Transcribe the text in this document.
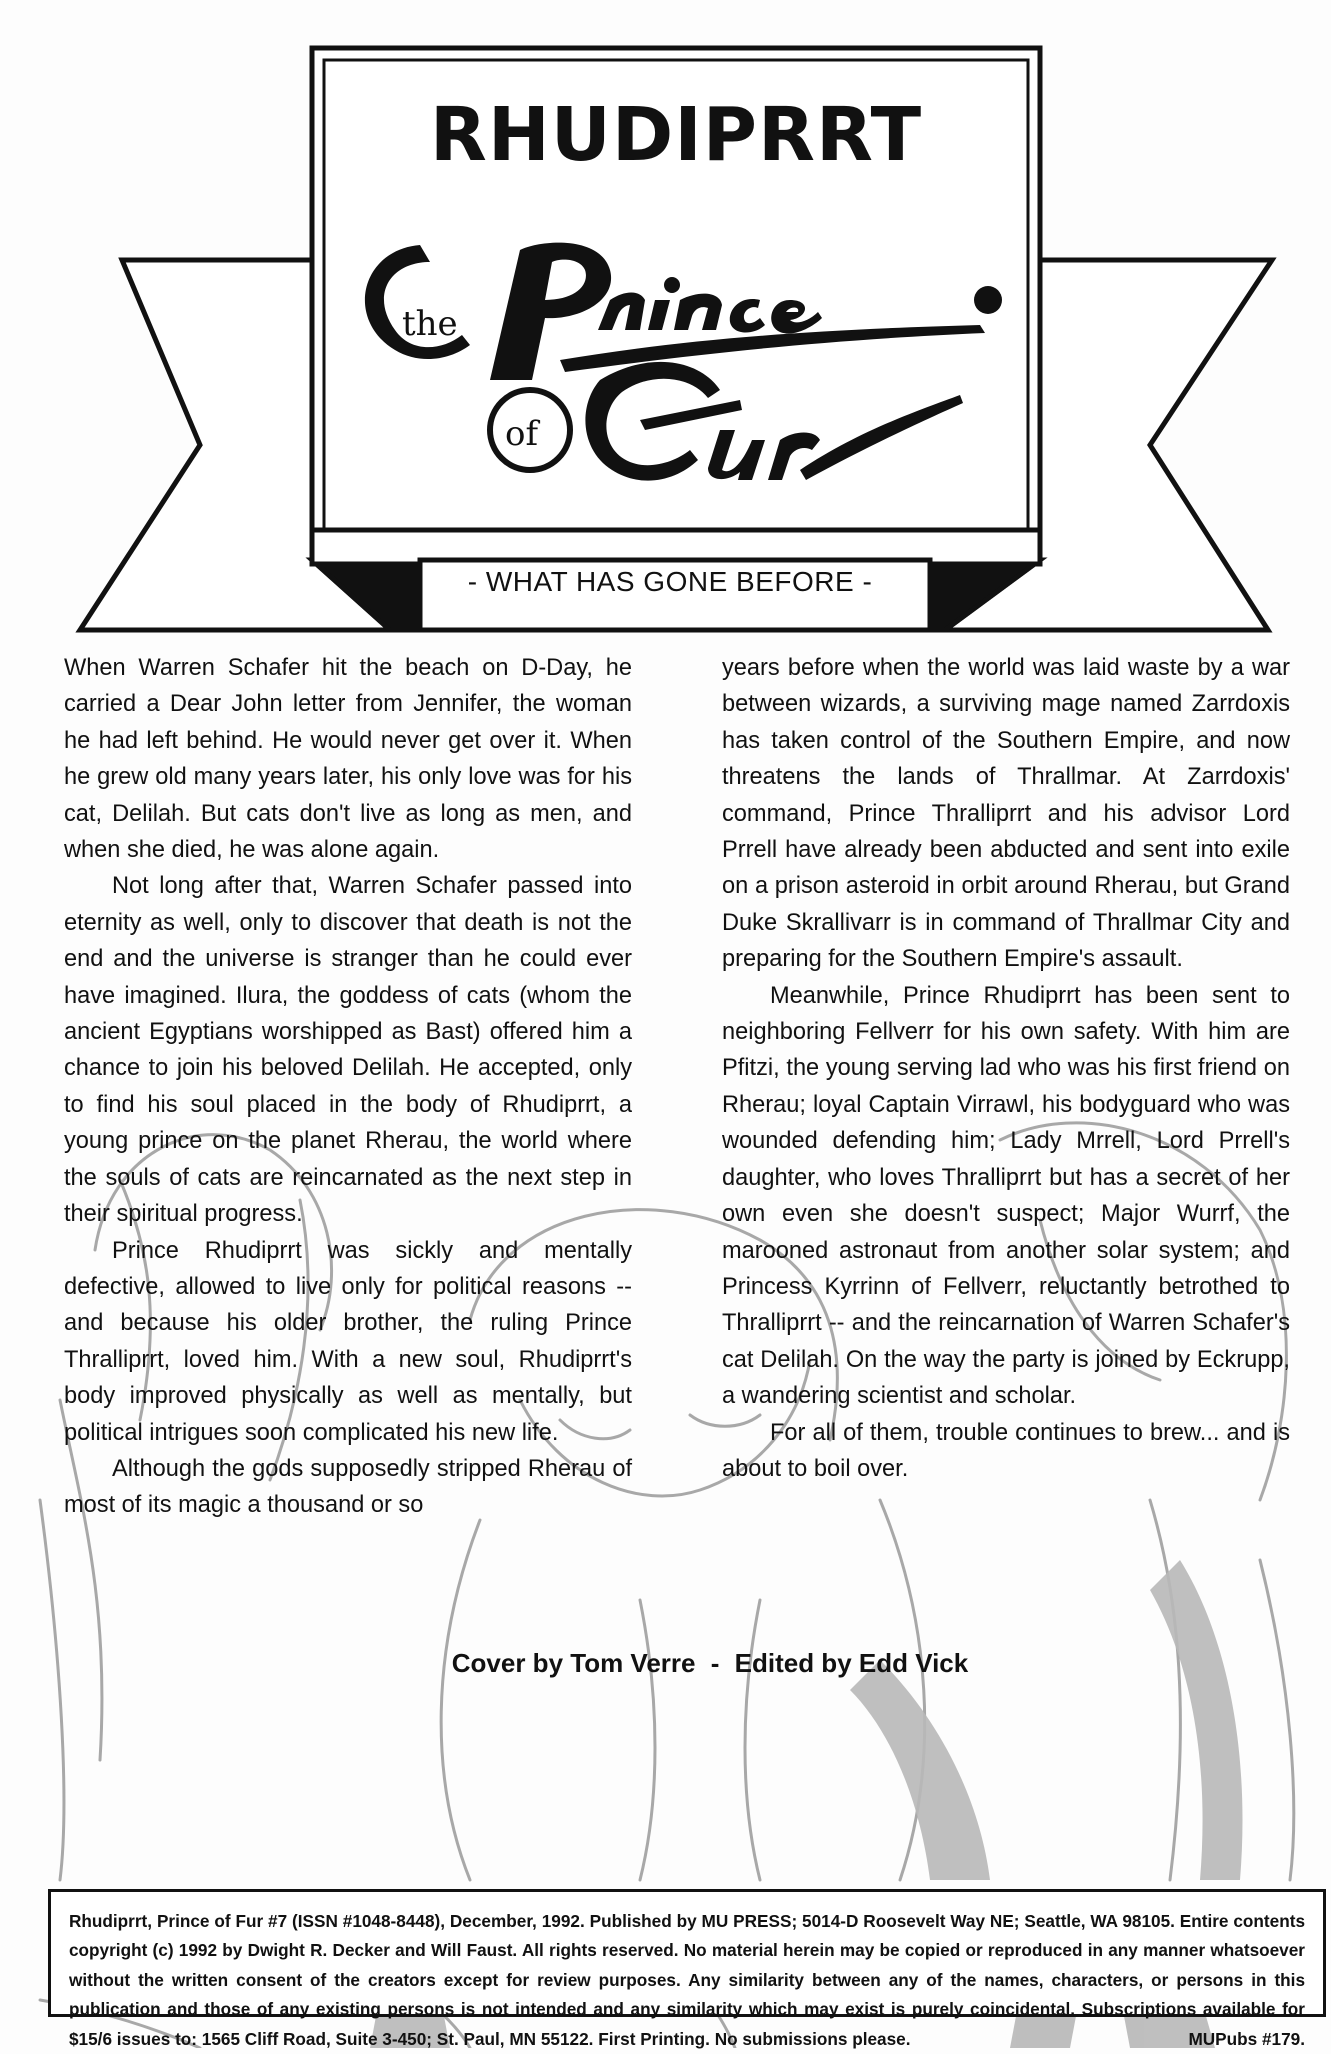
the
of
RHUDIPRRT
- WHAT HAS GONE BEFORE -

When Warren Schafer hit the beach on D-Day, he carried a Dear John letter from Jennifer, the woman he had left behind. He would never get over it. When he grew old many years later, his only love was for his cat, Delilah. But cats don't live as long as men, and when she died, he was alone again.

Not long after that, Warren Schafer passed into eternity as well, only to discover that death is not the end and the universe is stranger than he could ever have imagined. Ilura, the goddess of cats (whom the ancient Egyptians worshipped as Bast) offered him a chance to join his beloved Delilah. He accepted, only to find his soul placed in the body of Rhudiprrt, a young prince on the planet Rherau, the world where the souls of cats are reincarnated as the next step in their spiritual progress.

Prince Rhudiprrt was sickly and mentally defective, allowed to live only for political reasons -- and because his older brother, the ruling Prince Thralliprrt, loved him. With a new soul, Rhudiprrt's body improved physically as well as mentally, but political intrigues soon complicated his new life.

Although the gods supposedly stripped Rherau of most of its magic a thousand or so

years before when the world was laid waste by a war between wizards, a surviving mage named Zarrdoxis has taken control of the Southern Empire, and now threatens the lands of Thrallmar. At Zarrdoxis' command, Prince Thralliprrt and his advisor Lord Prrell have already been abducted and sent into exile on a prison asteroid in orbit around Rherau, but Grand Duke Skrallivarr is in command of Thrallmar City and preparing for the Southern Empire's assault.

Meanwhile, Prince Rhudiprrt has been sent to neighboring Fellverr for his own safety. With him are Pfitzi, the young serving lad who was his first friend on Rherau; loyal Captain Virrawl, his bodyguard who was wounded defending him; Lady Mrrell, Lord Prrell's daughter, who loves Thralliprrt but has a secret of her own even she doesn't suspect; Major Wurrf, the marooned astronaut from another solar system; and Princess Kyrrinn of Fellverr, reluctantly betrothed to Thralliprrt -- and the reincarnation of Warren Schafer's cat Delilah. On the way the party is joined by Eckrupp, a wandering scientist and scholar.

For all of them, trouble continues to brew... and is about to boil over.

Cover by Tom Verre - Edited by Edd Vick

Rhudiprrt, Prince of Fur #7 (ISSN #1048-8448), December, 1992. Published by MU PRESS; 5014-D Roosevelt Way NE; Seattle, WA 98105. Entire contents copyright (c) 1992 by Dwight R. Decker and Will Faust. All rights reserved. No material herein may be copied or reproduced in any manner whatsoever without the written consent of the creators except for review purposes. Any similarity between any of the names, characters, or persons in this publication and those of any existing persons is not intended and any similarity which may exist is purely coincidental. Subscriptions available for $15/6 issues to: 1565 Cliff Road, Suite 3-450; St. Paul, MN 55122. First Printing. No submissions please.	MUPubs #179.
